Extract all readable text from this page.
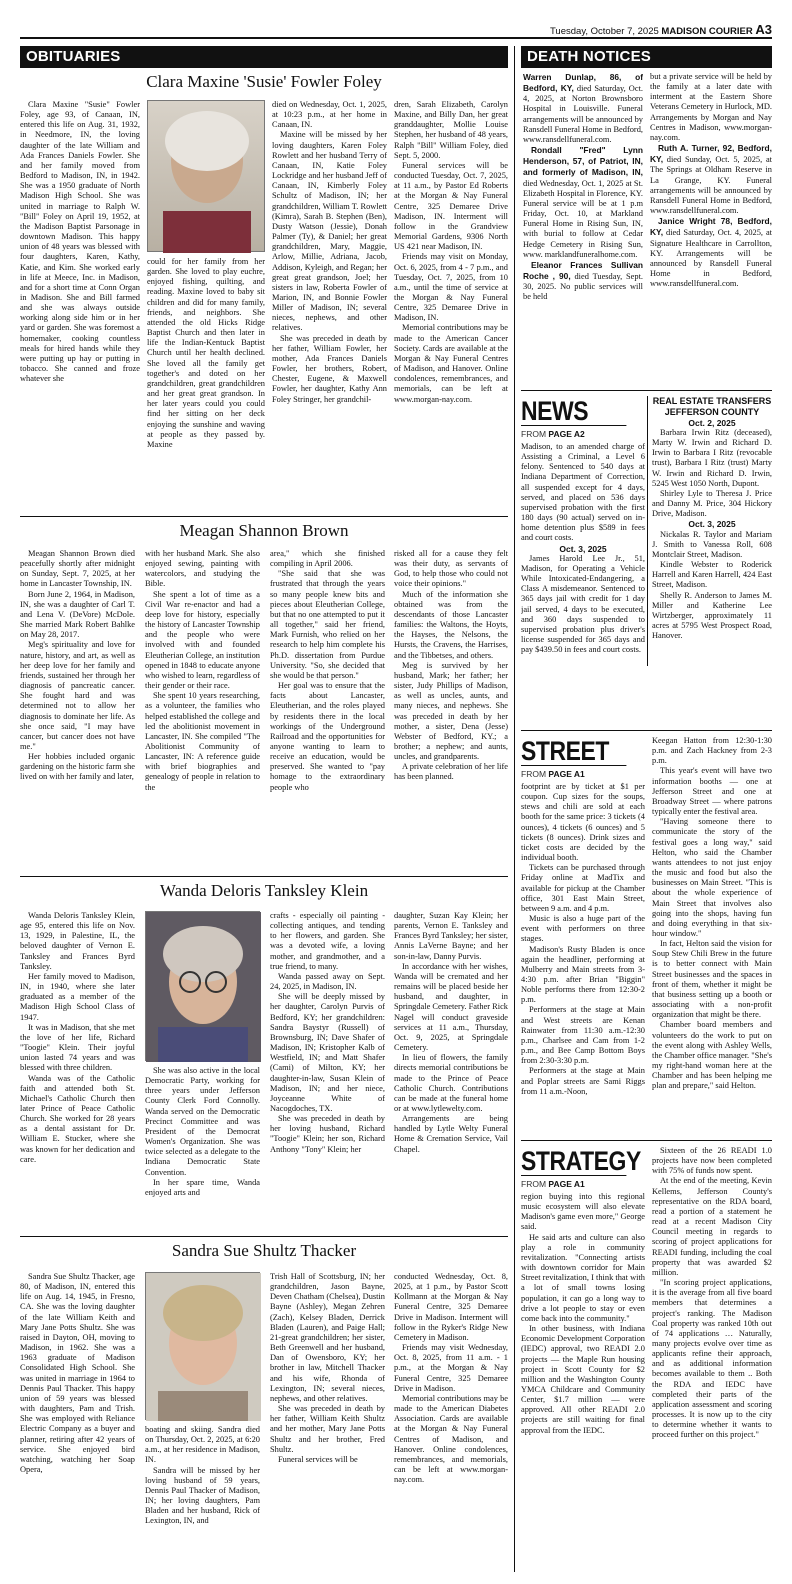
Tuesday, October 7, 2025 MADISON COURIER A3
OBITUARIES
Clara Maxine 'Susie' Fowler Foley

Clara Maxine "Susie" Fowler Foley, age 93, of Canaan, IN, entered this life on Aug. 31, 1932, in Needmore, IN, the loving daughter of the late William and Ada Frances Daniels Fowler. She and her family moved from Bedford to Madison, IN, in 1942. She was a 1950 graduate of North Madison High School. She was united in marriage to Ralph W. "Bill" Foley on April 19, 1952, at the Madison Baptist Parsonage in downtown Madison. This happy union of 48 years was blessed with four daughters, Karen, Kathy, Katie, and Kim. She worked early in life at Meece, Inc. in Madison, and for a short time at Conn Organ in Madison. She and Bill farmed and she was always outside working along side him or in her yard or garden. She was foremost a homemaker, cooking countless meals for hired hands while they were putting up hay or putting in tobacco. She canned and froze whatever she

could for her family from her garden. She loved to play euchre, enjoyed fishing, quilting, and reading. Maxine loved to baby sit children and did for many family, friends, and neighbors. She attended the old Hicks Ridge Baptist Church and then later in life the Indian-Kentuck Baptist Church until her health declined. She loved all the family get together's and doted on her grandchildren, great grandchildren and her great great grandson. In her later years could you could find her sitting on her deck enjoying the sunshine and waving at people as they passed by. Maxine

died on Wednesday, Oct. 1, 2025, at 10:23 p.m., at her home in Canaan, IN.

Maxine will be missed by her loving daughters, Karen Foley Rowlett and her husband Terry of Canaan, IN, Katie Foley Lockridge and her husband Jeff of Canaan, IN, Kimberly Foley Schultz of Madison, IN; her grandchildren, William T. Rowlett (Kimra), Sarah B. Stephen (Ben), Dusty Watson (Jessie), Donah Palmer (Ty), & Daniel; her great grandchildren, Mary, Maggie, Arlow, Millie, Adriana, Jacob, Addison, Kyleigh, and Regan; her great great grandson, Joel; her sisters in law, Roberta Fowler of Marion, IN, and Bonnie Fowler Miller of Madison, IN; several nieces, nephews, and other relatives.

She was preceded in death by her father, William Fowler, her mother, Ada Frances Daniels Fowler, her brothers, Robert, Chester, Eugene, & Maxwell Fowler, her daughter, Kathy Ann Foley Stringer, her grandchil-

dren, Sarah Elizabeth, Carolyn Maxine, and Billy Dan, her great granddaughter, Mollie Louise Stephen, her husband of 48 years, Ralph "Bill" William Foley, died Sept. 5, 2000.

Funeral services will be conducted Tuesday, Oct. 7, 2025, at 11 a.m., by Pastor Ed Roberts at the Morgan & Nay Funeral Centre, 325 Demaree Drive Madison, IN. Interment will follow in the Grandview Memorial Gardens, 9306 North US 421 near Madison, IN.

Friends may visit on Monday, Oct. 6, 2025, from 4 - 7 p.m., and Tuesday, Oct. 7, 2025, from 10 a.m., until the time of service at the Morgan & Nay Funeral Centre, 325 Demaree Drive in Madison, IN.

Memorial contributions may be made to the American Cancer Society. Cards are available at the Morgan & Nay Funeral Centres of Madison, and Hanover. Online condolences, remembrances, and memorials, can be left at www.morgan-nay.com.

Meagan Shannon Brown

Meagan Shannon Brown died peacefully shortly after midnight on Sunday, Sept. 7, 2025, at her home in Lancaster Township, IN.

Born June 2, 1964, in Madison, IN, she was a daughter of Carl T. and Lena V. (DeVore) McDole. She married Mark Robert Bahlke on May 28, 2017.

Meg's spirituality and love for nature, history, and art, as well as her deep love for her family and friends, sustained her through her diagnosis of pancreatic cancer. She fought hard and was determined not to allow her diagnosis to dominate her life. As she once said, "I may have cancer, but cancer does not have me."

Her hobbies included organic gardening on the historic farm she lived on with her family and later,

with her husband Mark. She also enjoyed sewing, painting with watercolors, and studying the Bible.

She spent a lot of time as a Civil War re-enactor and had a deep love for history, especially the history of Lancaster Township and the people who were involved with and founded Eleutherian College, an institution opened in 1848 to educate anyone who wished to learn, regardless of their gender or their race.

She spent 10 years researching, as a volunteer, the families who helped established the college and led the abolitionist movement in Lancaster, IN. She compiled "The Abolitionist Community of Lancaster, IN: A reference guide with brief biographies and genealogy of people in relation to the

area," which she finished compiling in April 2006.

"She said that she was frustrated that through the years so many people knew bits and pieces about Eleutherian College, but that no one attempted to put it all together," said her friend, Mark Furnish, who relied on her research to help him complete his Ph.D. dissertation from Purdue University. "So, she decided that she would be that person."

Her goal was to ensure that the facts about Lancaster, Eleutherian, and the roles played by residents there in the local workings of the Underground Railroad and the opportunities for anyone wanting to learn to receive an education, would be preserved. She wanted to "pay homage to the extraordinary people who

risked all for a cause they felt was their duty, as servants of God, to help those who could not voice their opinions."

Much of the information she obtained was from the descendants of those Lancaster families: the Waltons, the Hoyts, the Hayses, the Nelsons, the Hursts, the Cravens, the Harrises, and the Tibbetses, and others.

Meg is survived by her husband, Mark; her father; her sister, Judy Phillips of Madison, as well as uncles, aunts, and many nieces, and nephews. She was preceded in death by her mother, a sister, Dena (Jesse) Webster of Bedford, KY.; a brother; a nephew; and aunts, uncles, and grandparents.

A private celebration of her life has been planned.

Wanda Deloris Tanksley Klein

Wanda Deloris Tanksley Klein, age 95, entered this life on Nov. 13, 1929, in Palestine, IL, the beloved daughter of Vernon E. Tanksley and Frances Byrd Tanksley.

Her family moved to Madison, IN, in 1940, where she later graduated as a member of the Madison High School Class of 1947.

It was in Madison, that she met the love of her life, Richard "Toogie" Klein. Their joyful union lasted 74 years and was blessed with three children.

Wanda was of the Catholic faith and attended both St. Michael's Catholic Church then later Prince of Peace Catholic Church. She worked for 28 years as a dental assistant for Dr. William E. Stucker, where she was known for her dedication and care.

She was also active in the local Democratic Party, working for three years under Jefferson County Clerk Ford Connolly. Wanda served on the Democratic Precinct Committee and was President of the Democrat Women's Organization. She was twice selected as a delegate to the Indiana Democratic State Convention.

In her spare time, Wanda enjoyed arts and

crafts - especially oil painting - collecting antiques, and tending to her flowers, and garden. She was a devoted wife, a loving mother, and grandmother, and a true friend, to many.

Wanda passed away on Sept. 24, 2025, in Madison, IN.

She will be deeply missed by her daughter, Carolyn Purvis of Bedford, KY; her grandchildren: Sandra Baystyr (Russell) of Brownsburg, IN; Dave Shafer of Madison, IN; Kristopher Kalb of Westfield, IN; and Matt Shafer (Cami) of Milton, KY; her daughter-in-law, Susan Klein of Madison, IN; and her niece, Joyceanne White of Nacogdoches, TX.

She was preceded in death by her loving husband, Richard "Toogie" Klein; her son, Richard Anthony "Tony" Klein; her

daughter, Suzan Kay Klein; her parents, Vernon E. Tanksley and Frances Byrd Tanksley; her sister, Annis LaVerne Bayne; and her son-in-law, Danny Purvis.

In accordance with her wishes, Wanda will be cremated and her remains will be placed beside her husband, and daughter, in Springdale Cemetery. Father Rick Nagel will conduct graveside services at 11 a.m., Thursday, Oct. 9, 2025, at Springdale Cemetery.

In lieu of flowers, the family directs memorial contributions be made to the Prince of Peace Catholic Church. Contributions can be made at the funeral home or at www.lytlewelty.com.

Arrangements are being handled by Lytle Welty Funeral Home & Cremation Service, Vail Chapel.

Sandra Sue Shultz Thacker

Sandra Sue Shultz Thacker, age 80, of Madison, IN, entered this life on Aug. 14, 1945, in Fresno, CA. She was the loving daughter of the late William Keith and Mary Jane Potts Shultz. She was raised in Dayton, OH, moving to Madison, in 1962. She was a 1963 graduate of Madison Consolidated High School. She was united in marriage in 1964 to Dennis Paul Thacker. This happy union of 59 years was blessed with daughters, Pam and Trish. She was employed with Reliance Electric Company as a buyer and planner, retiring after 42 years of service. She enjoyed bird watching, watching her Soap Opera,

boating and skiing. Sandra died on Thursday, Oct. 2, 2025, at 6:20 a.m., at her residence in Madison, IN.

Sandra will be missed by her loving husband of 59 years, Dennis Paul Thacker of Madison, IN; her loving daughters, Pam Bladen and her husband, Rick of Lexington, IN, and

Trish Hall of Scottsburg, IN; her grandchildren, Jason Bayne, Deven Chatham (Chelsea), Dustin Bayne (Ashley), Megan Zehren (Zach), Kelsey Bladen, Derrick Bladen (Lauren), and Paige Hall; 21-great grandchildren; her sister, Beth Greenwell and her husband, Dan of Owensboro, KY; her brother in law, Mitchell Thacker and his wife, Rhonda of Lexington, IN; several nieces, nephews, and other relatives.

She was preceded in death by her father, William Keith Shultz and her mother, Mary Jane Potts Shultz and her brother, Fred Shultz.

Funeral services will be

conducted Wednesday, Oct. 8, 2025, at 1 p.m., by Pastor Scott Kollmann at the Morgan & Nay Funeral Centre, 325 Demaree Drive in Madison. Interment will follow in the Ryker's Ridge New Cemetery in Madison.

Friends may visit Wednesday, Oct. 8, 2025, from 11 a.m. - 1 p.m., at the Morgan & Nay Funeral Centre, 325 Demaree Drive in Madison.

Memorial contributions may be made to the American Diabetes Association. Cards are available at the Morgan & Nay Funeral Centres of Madison, and Hanover. Online condolences, remembrances, and memorials, can be left at www.morgan-nay.com.

DEATH NOTICES

Warren Dunlap, 86, of Bedford, KY, died Saturday, Oct. 4, 2025, at Norton Brownsboro Hospital in Louisville. Funeral arrangements will be announced by Ransdell Funeral Home in Bedford, www.ransdellfuneral.com.

Rondall "Fred" Lynn Henderson, 57, of Patriot, IN, and formerly of Madison, IN, died Wednesday, Oct. 1, 2025 at St. Elizabeth Hospital in Florence, KY. Funeral service will be at 1 p.m Friday, Oct. 10, at Markland Funeral Home in Rising Sun, IN, with burial to follow at Cedar Hedge Cemetery in Rising Sun, www. marklandfuneralhome.com.

Eleanor Frances Sullivan Roche , 90, died Tuesday, Sept. 30, 2025. No public services will be held

but a private service will be held by the family at a later date with interment at the Eastern Shore Veterans Cemetery in Hurlock, MD. Arrangements by Morgan and Nay Centres in Madison, www.morgan-nay.com.

Ruth A. Turner, 92, Bedford, KY, died Sunday, Oct. 5, 2025, at The Springs at Oldham Reserve in La Grange, KY. Funeral arrangements will be announced by Ransdell Funeral Home in Bedford, www.ransdellfuneral.com.

Janice Wright 78, Bedford, KY, died Saturday, Oct. 4, 2025, at Signature Healthcare in Carrollton, KY. Arrangements will be announced by Ransdell Funeral Home in Bedford, www.ransdellfuneral.com.

NEWS
FROM PAGE A2

Madison, to an amended charge of Assisting a Criminal, a Level 6 felony. Sentenced to 540 days at Indiana Department of Correction, all suspended except for 4 days, served, and placed on 536 days supervised probation with the first 180 days (90 actual) served on in-home detention plus $589 in fees and court costs.

Oct. 3, 2025

James Harold Lee Jr., 51, Madison, for Operating a Vehicle While Intoxicated-Endangering, a Class A misdemeanor. Sentenced to 365 days jail with credit for 1 day jail served, 4 days to be executed, and 360 days suspended to supervised probation plus driver's license suspended for 365 days and pay $439.50 in fees and court costs.

REAL ESTATE TRANSFERS JEFFERSON COUNTY
Oct. 2, 2025

Barbara Irwin Ritz (deceased), Marty W. Irwin and Richard D. Irwin to Barbara I Ritz (revocable trust), Barbara I Ritz (trust) Marty W. Irwin and Richard D. Irwin, 5245 West 1050 North, Dupont.

Shirley Lyle to Theresa J. Price and Danny M. Price, 304 Hickory Drive, Madison.

Oct. 3, 2025

Nickalas R. Taylor and Mariam J. Smith to Vanessa Roll, 608 Montclair Street, Madison.

Kindle Webster to Roderick Harrell and Karen Harrell, 424 East Street, Madison.

Shelly R. Anderson to James M. Miller and Katherine Lee Wirtzberger, approximately 11 acres at 5795 West Prospect Road, Hanover.

STREET
FROM PAGE A1

footprint are by ticket at $1 per coupon. Cup sizes for the soups, stews and chili are sold at each booth for the same price: 3 tickets (4 ounces), 4 tickets (6 ounces) and 5 tickets (8 ounces). Drink sizes and ticket costs are decided by the individual booth.

Tickets can be purchased through Friday online at MadTix and available for pickup at the Chamber office, 301 East Main Street, between 9 a.m. and 4 p.m.

Music is also a huge part of the event with performers on three stages.

Madison's Rusty Bladen is once again the headliner, performing at Mulberry and Main streets from 3-4:30 p.m. after Brian "Biggin" Noble performs there from 12:30-2 p.m.

Performers at the stage at Main and West streets are Kenan Rainwater from 11:30 a.m.-12:30 p.m., Charlsee and Cam from 1-2 p.m., and Bee Camp Bottom Boys from 2:30-3:30 p.m.

Performers at the stage at Main and Poplar streets are Sami Riggs from 11 a.m.-Noon,

Keegan Hatton from 12:30-1:30 p.m. and Zach Hackney from 2-3 p.m.

This year's event will have two information booths — one at Jefferson Street and one at Broadway Street — where patrons typically enter the festival area.

"Having someone there to communicate the story of the festival goes a long way," said Helton, who said the Chamber wants attendees to not just enjoy the music and food but also the businesses on Main Street. "This is about the whole experience of Main Street that involves also going into the shops, having fun and doing everything in that six-hour window."

In fact, Helton said the vision for Soup Stew Chili Brew in the future is to better connect with Main Street businesses and the spaces in front of them, whether it might be that business setting up a booth or associating with a non-profit organization that might be there.

Chamber board members and volunteers do the work to put on the event along with Ashley Wells, the Chamber office manager. "She's my right-hand woman here at the Chamber and has been helping me plan and prepare," said Helton.

STRATEGY
FROM PAGE A1

region buying into this regional music ecosystem will also elevate Madison's game even more," George said.

He said arts and culture can also play a role in community revitalization. "Connecting artists with downtown corridor for Main Street revitalization, I think that with a lot of small towns losing population, it can go a long way to drive a lot people to stay or even come back into the community."

In other business, with Indiana Economic Development Corporation (IEDC) approval, two READI 2.0 projects — the Maple Run housing project in Scott County for $2 million and the Washington County YMCA Childcare and Community Center, $1.7 million — were approved. All other READI 2.0 projects are still waiting for final approval from the IEDC.

Sixteen of the 26 READI 1.0 projects have now been completed with 75% of funds now spent.

At the end of the meeting, Kevin Kellems, Jefferson County's representative on the RDA board, read a portion of a statement he read at a recent Madison City Council meeting in regards to scoring of project applications for READI funding, including the coal property that was awarded $2 million.

"In scoring project applications, it is the average from all five board members that determines a project's ranking. The Madison Coal property was ranked 10th out of 74 applications … Naturally, many projects evolve over time as applicants refine their approach, and as additional information becomes available to them .. Both the RDA and IEDC have completed their parts of the application assessment and scoring processes. It is now up to the city to determine whether it wants to proceed further on this project."
